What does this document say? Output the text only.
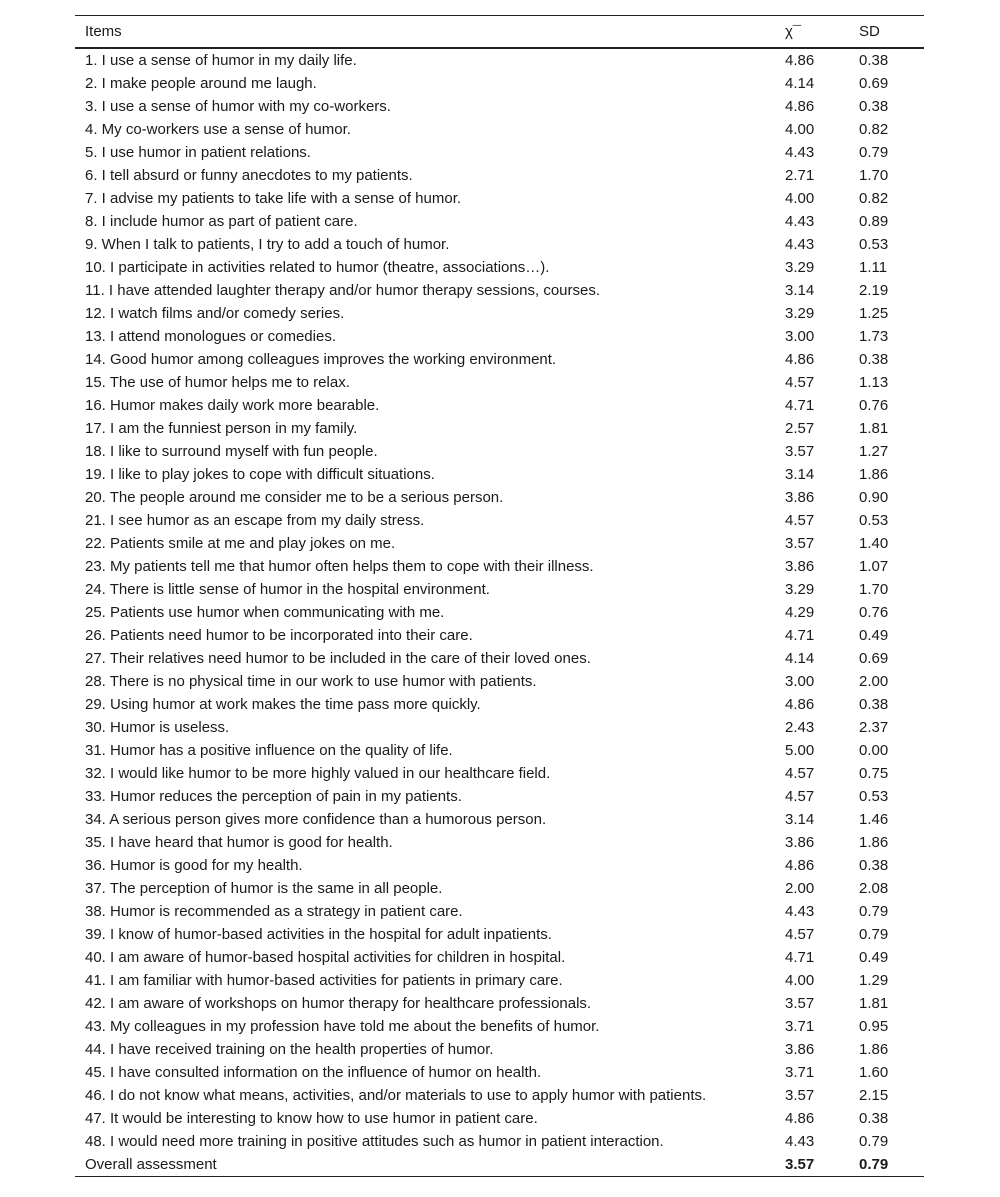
Items	χ¯	SD
1. I use a sense of humor in my daily life.	4.86	0.38
2. I make people around me laugh.	4.14	0.69
3. I use a sense of humor with my co-workers.	4.86	0.38
4. My co-workers use a sense of humor.	4.00	0.82
5. I use humor in patient relations.	4.43	0.79
6. I tell absurd or funny anecdotes to my patients.	2.71	1.70
7. I advise my patients to take life with a sense of humor.	4.00	0.82
8. I include humor as part of patient care.	4.43	0.89
9. When I talk to patients, I try to add a touch of humor.	4.43	0.53
10. I participate in activities related to humor (theatre, associations…).	3.29	1.11
11. I have attended laughter therapy and/or humor therapy sessions, courses.	3.14	2.19
12. I watch films and/or comedy series.	3.29	1.25
13. I attend monologues or comedies.	3.00	1.73
14. Good humor among colleagues improves the working environment.	4.86	0.38
15. The use of humor helps me to relax.	4.57	1.13
16. Humor makes daily work more bearable.	4.71	0.76
17. I am the funniest person in my family.	2.57	1.81
18. I like to surround myself with fun people.	3.57	1.27
19. I like to play jokes to cope with difficult situations.	3.14	1.86
20. The people around me consider me to be a serious person.	3.86	0.90
21. I see humor as an escape from my daily stress.	4.57	0.53
22. Patients smile at me and play jokes on me.	3.57	1.40
23. My patients tell me that humor often helps them to cope with their illness.	3.86	1.07
24. There is little sense of humor in the hospital environment.	3.29	1.70
25. Patients use humor when communicating with me.	4.29	0.76
26. Patients need humor to be incorporated into their care.	4.71	0.49
27. Their relatives need humor to be included in the care of their loved ones.	4.14	0.69
28. There is no physical time in our work to use humor with patients.	3.00	2.00
29. Using humor at work makes the time pass more quickly.	4.86	0.38
30. Humor is useless.	2.43	2.37
31. Humor has a positive influence on the quality of life.	5.00	0.00
32. I would like humor to be more highly valued in our healthcare field.	4.57	0.75
33. Humor reduces the perception of pain in my patients.	4.57	0.53
34. A serious person gives more confidence than a humorous person.	3.14	1.46
35. I have heard that humor is good for health.	3.86	1.86
36. Humor is good for my health.	4.86	0.38
37. The perception of humor is the same in all people.	2.00	2.08
38. Humor is recommended as a strategy in patient care.	4.43	0.79
39. I know of humor-based activities in the hospital for adult inpatients.	4.57	0.79
40. I am aware of humor-based hospital activities for children in hospital.	4.71	0.49
41. I am familiar with humor-based activities for patients in primary care.	4.00	1.29
42. I am aware of workshops on humor therapy for healthcare professionals.	3.57	1.81
43. My colleagues in my profession have told me about the benefits of humor.	3.71	0.95
44. I have received training on the health properties of humor.	3.86	1.86
45. I have consulted information on the influence of humor on health.	3.71	1.60
46. I do not know what means, activities, and/or materials to use to apply humor with patients.	3.57	2.15
47. It would be interesting to know how to use humor in patient care.	4.86	0.38
48. I would need more training in positive attitudes such as humor in patient interaction.	4.43	0.79
Overall assessment	3.57	0.79
